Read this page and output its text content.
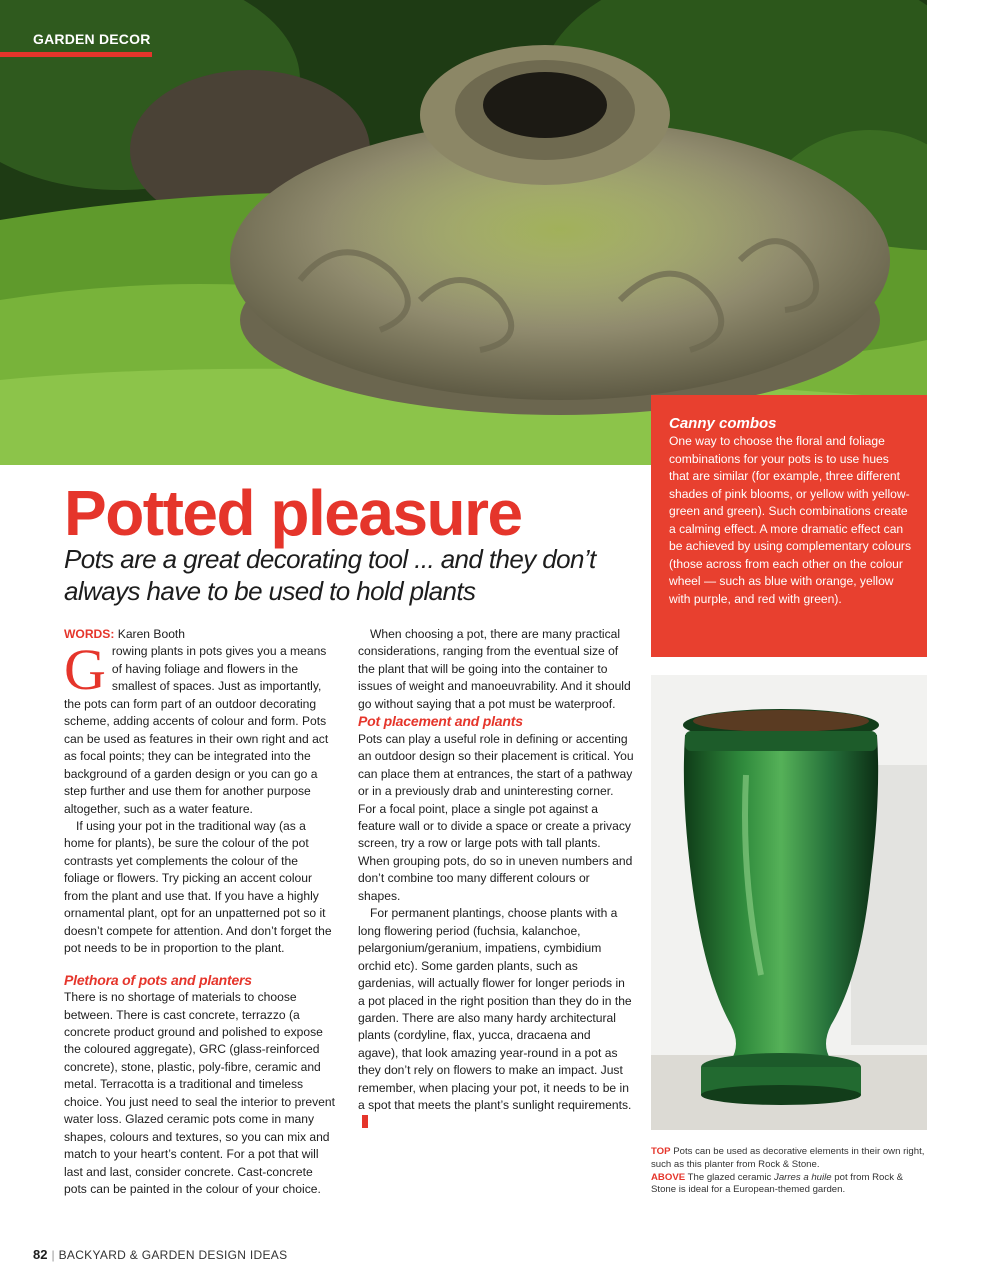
GARDEN DECOR
Canny combos

One way to choose the floral and foliage combinations for your pots is to use hues that are similar (for example, three different shades of pink blooms, or yellow with yellow-green and green). Such combinations create a calming effect. A more dramatic effect can be achieved by using complementary colours (those across from each other on the colour wheel — such as blue with orange, yellow with purple, and red with green).

Potted pleasure
Pots are a great decorating tool ... and they don’t always have to be used to hold plants

WORDS: Karen Booth

Growing plants in pots gives you a means of having foliage and flowers in the smallest of spaces. Just as importantly, the pots can form part of an outdoor decorating scheme, adding accents of colour and form. Pots can be used as features in their own right and act as focal points; they can be integrated into the background of a garden design or you can go a step further and use them for another purpose altogether, such as a water feature.

If using your pot in the traditional way (as a home for plants), be sure the colour of the pot contrasts yet complements the colour of the foliage or flowers. Try picking an accent colour from the plant and use that. If you have a highly ornamental plant, opt for an unpatterned pot so it doesn’t compete for attention. And don’t forget the pot needs to be in proportion to the plant.

Plethora of pots and planters

There is no shortage of materials to choose between. There is cast concrete, terrazzo (a concrete product ground and polished to expose the coloured aggregate), GRC (glass-reinforced concrete), stone, plastic, poly-fibre, ceramic and metal. Terracotta is a traditional and timeless choice. You just need to seal the interior to prevent water loss. Glazed ceramic pots come in many shapes, colours and textures, so you can mix and match to your heart’s content. For a pot that will last and last, consider concrete. Cast-concrete pots can be painted in the colour of your choice.

When choosing a pot, there are many practical considerations, ranging from the eventual size of the plant that will be going into the container to issues of weight and manoeuvrability. And it should go without saying that a pot must be waterproof.

Pot placement and plants

Pots can play a useful role in defining or accenting an outdoor design so their placement is critical. You can place them at entrances, the start of a pathway or in a previously drab and uninteresting corner. For a focal point, place a single pot against a feature wall or to divide a space or create a privacy screen, try a row or large pots with tall plants. When grouping pots, do so in uneven numbers and don’t combine too many different colours or shapes.

For permanent plantings, choose plants with a long flowering period (fuchsia, kalanchoe, pelargonium/geranium, impatiens, cymbidium orchid etc). Some garden plants, such as gardenias, will actually flower for longer periods in a pot placed in the right position than they do in the garden. There are also many hardy architectural plants (cordyline, flax, yucca, dracaena and agave), that look amazing year-round in a pot as they don’t rely on flowers to make an impact. Just remember, when placing your pot, it needs to be in a spot that meets the plant’s sunlight requirements.

TOP Pots can be used as decorative elements in their own right, such as this planter from Rock & Stone.

ABOVE The glazed ceramic Jarres a huile pot from Rock & Stone is ideal for a European-themed garden.

82 | BACKYARD & GARDEN DESIGN IDEAS
